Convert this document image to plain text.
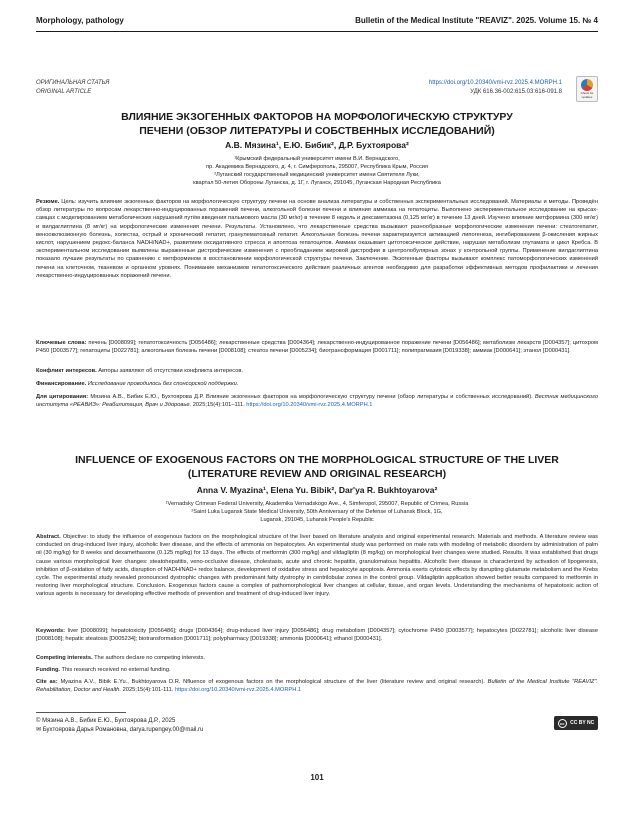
Morphology, pathology	Bulletin of the Medical Institute "REAVIZ". 2025. Volume 15. № 4
ОРИГИНАЛЬНАЯ СТАТЬЯ
ORIGINAL ARTICLE
https://doi.org/10.20340/vmi-rvz.2025.4.MORPH.1
УДК 616.36-002:615.03:616-091.8	Check for updates
ВЛИЯНИЕ ЭКЗОГЕННЫХ ФАКТОРОВ НА МОРФОЛОГИЧЕСКУЮ СТРУКТУРУ
ПЕЧЕНИ (ОБЗОР ЛИТЕРАТУРЫ И СОБСТВЕННЫХ ИССЛЕДОВАНИЙ)
А.В. Мязина¹, Е.Ю. Бибик², Д.Р. Бухтоярова²
¹Крымский федеральный университет имени В.И. Вернадского,
пр. Академика Вернадского, д. 4, г. Симферополь, 295007, Республика Крым, Россия
²Луганский государственный медицинский университет имени Святителя Луки,
квартал 50-летия Обороны Луганска, д. 1Г, г. Луганск, 291045, Луганская Народная Республика
Резюме. Цель: изучить влияние экзогенных факторов на морфологическую структуру печени на основе анализа литературы и собственных экспериментальных исследований. Материалы и методы. Проведён обзор литературы по вопросам лекарственно-индуцированных поражений печени, алкогольной болезни печени и влияния аммиака на гепатоциты. Выполнено экспериментальное исследование на крысах-самцах с моделированием метаболических нарушений путём введения пальмового масла (30 мг/кг) в течение 8 недель и дексаметазона (0,125 мг/кг) в течение 13 дней. Изучено влияние метформина (300 мг/кг) и вилдаглиптина (8 мг/кг) на морфологические изменения печени. Результаты. Установлено, что лекарственные средства вызывают разнообразные морфологические изменения печени: стеатогепатит, веноокклюзионную болезнь, холестаз, острый и хронический гепатит, гранулематозный гепатит. Алкогольная болезнь печени характеризуется активацией липогенеза, ингибированием β-окисления жирных кислот, нарушением редокс-баланса NADH/NAD+, развитием оксидативного стресса и апоптоза гепатоцитов. Аммиак оказывает цитотоксическое действие, нарушая метаболизм глутамата и цикл Кребса. В экспериментальном исследовании выявлены выраженные дистрофические изменения с преобладанием жировой дистрофии в центролобулярных зонах у контрольной группы. Применение вилдаглиптина показало лучшие результаты по сравнению с метформином в восстановлении морфологической структуры печени. Заключение. Экзогенные факторы вызывают комплекс патоморфологических изменений печени на клеточном, тканевом и органном уровнях. Понимание механизмов гепатотоксического действия различных агентов необходимо для разработки эффективных методов профилактики и лечения лекарственно-индуцированных поражений печени.
Ключевые слова: печень [D008099]; гепатотоксичность [D056486]; лекарственные средства [D004364]; лекарственно-индуцированное поражение печени [D056486]; метаболизм лекарств [D004357]; цитохром P450 [D003577]; гепатоциты [D022781]; алкогольная болезнь печени [D008108]; стеатоз печени [D005234]; биотрансформация [D001711]; полипрагмазия [D019338]; аммиак [D000641]; этанол [D000431].
Конфликт интересов. Авторы заявляют об отсутствии конфликта интересов.
Финансирование. Исследование проводилось без спонсорской поддержки.
Для цитирования: Мязина А.В., Бибик Е.Ю., Бухтоярова Д.Р. Влияние экзогенных факторов на морфологическую структуру печени (обзор литературы и собственных исследований). Вестник медицинского института «РЕАВИЗ»: Реабилитация, Врач и Здоровье. 2025;15(4):101–111. https://doi.org/10.20340/vmi-rvz.2025.4.MORPH.1
INFLUENCE OF EXOGENOUS FACTORS ON THE MORPHOLOGICAL STRUCTURE OF THE LIVER
(LITERATURE REVIEW AND ORIGINAL RESEARCH)
Anna V. Myazina¹, Elena Yu. Bibik², Dar'ya R. Bukhtoyarova²
¹Vernadsky Crimean Federal University, Akademika Vernadskogo Ave., 4, Simferopol, 295007, Republic of Crimea, Russia
²Saint Luka Lugansk State Medical University, 50th Anniversary of the Defense of Luhansk Block, 1G,
Lugansk, 291045, Luhansk People's Republic
Abstract. Objective: to study the influence of exogenous factors on the morphological structure of the liver based on literature analysis and original experimental research. Materials and methods. A literature review was conducted on drug-induced liver injury, alcoholic liver disease, and the effects of ammonia on hepatocytes. An experimental study was performed on male rats with modeling of metabolic disorders by administration of palm oil (30 mg/kg) for 8 weeks and dexamethasone (0.125 mg/kg) for 13 days. The effects of metformin (300 mg/kg) and vildagliptin (8 mg/kg) on morphological liver changes were studied. Results. It was established that drugs cause various morphological liver changes: steatohepatitis, veno-occlusive disease, cholestasis, acute and chronic hepatitis, granulomatous hepatitis. Alcoholic liver disease is characterized by activation of lipogenesis, inhibition of β-oxidation of fatty acids, disruption of NADH/NAD+ redox balance, development of oxidative stress and hepatocyte apoptosis. Ammonia exerts cytotoxic effects by disrupting glutamate metabolism and the Krebs cycle. The experimental study revealed pronounced dystrophic changes with predominant fatty dystrophy in centrilobular zones in the control group. Vildagliptin application showed better results compared to metformin in restoring liver morphological structure. Conclusion. Exogenous factors cause a complex of pathomorphological liver changes at cellular, tissue, and organ levels. Understanding the mechanisms of hepatotoxic action of various agents is necessary for developing effective methods of prevention and treatment of drug-induced liver injury.
Keywords: liver [D008099]; hepatotoxicity [D056486]; drugs [D004364]; drug-induced liver injury [D056486]; drug metabolism [D004357]; cytochrome P450 [D003577]; hepatocytes [D022781]; alcoholic liver disease [D008108]; hepatic steatosis [D005234]; biotransformation [D001711]; polypharmacy [D019338]; ammonia [D000641]; ethanol [D000431].
Competing interests. The authors declare no competing interests.
Funding. This research received no external funding.
Cite as: Myazina A.V., Bibik E.Yu., Bukhtoyarova D.R. Nfluence of exogenous factors on the morphological structure of the liver (literature review and original research). Bulletin of the Medical Institute "REAVIZ". Rehabilitation, Doctor and Health. 2025;15(4):101-111. https://doi.org/10.20340/vmi-rvz.2025.4.MORPH.1
© Мязина А.В., Бибик Е.Ю., Бухтоярова Д.Р., 2025
✉ Бухтоярова Дарья Романовна, darya.rupengey.00@mail.ru
cc	CC BY NC
101
